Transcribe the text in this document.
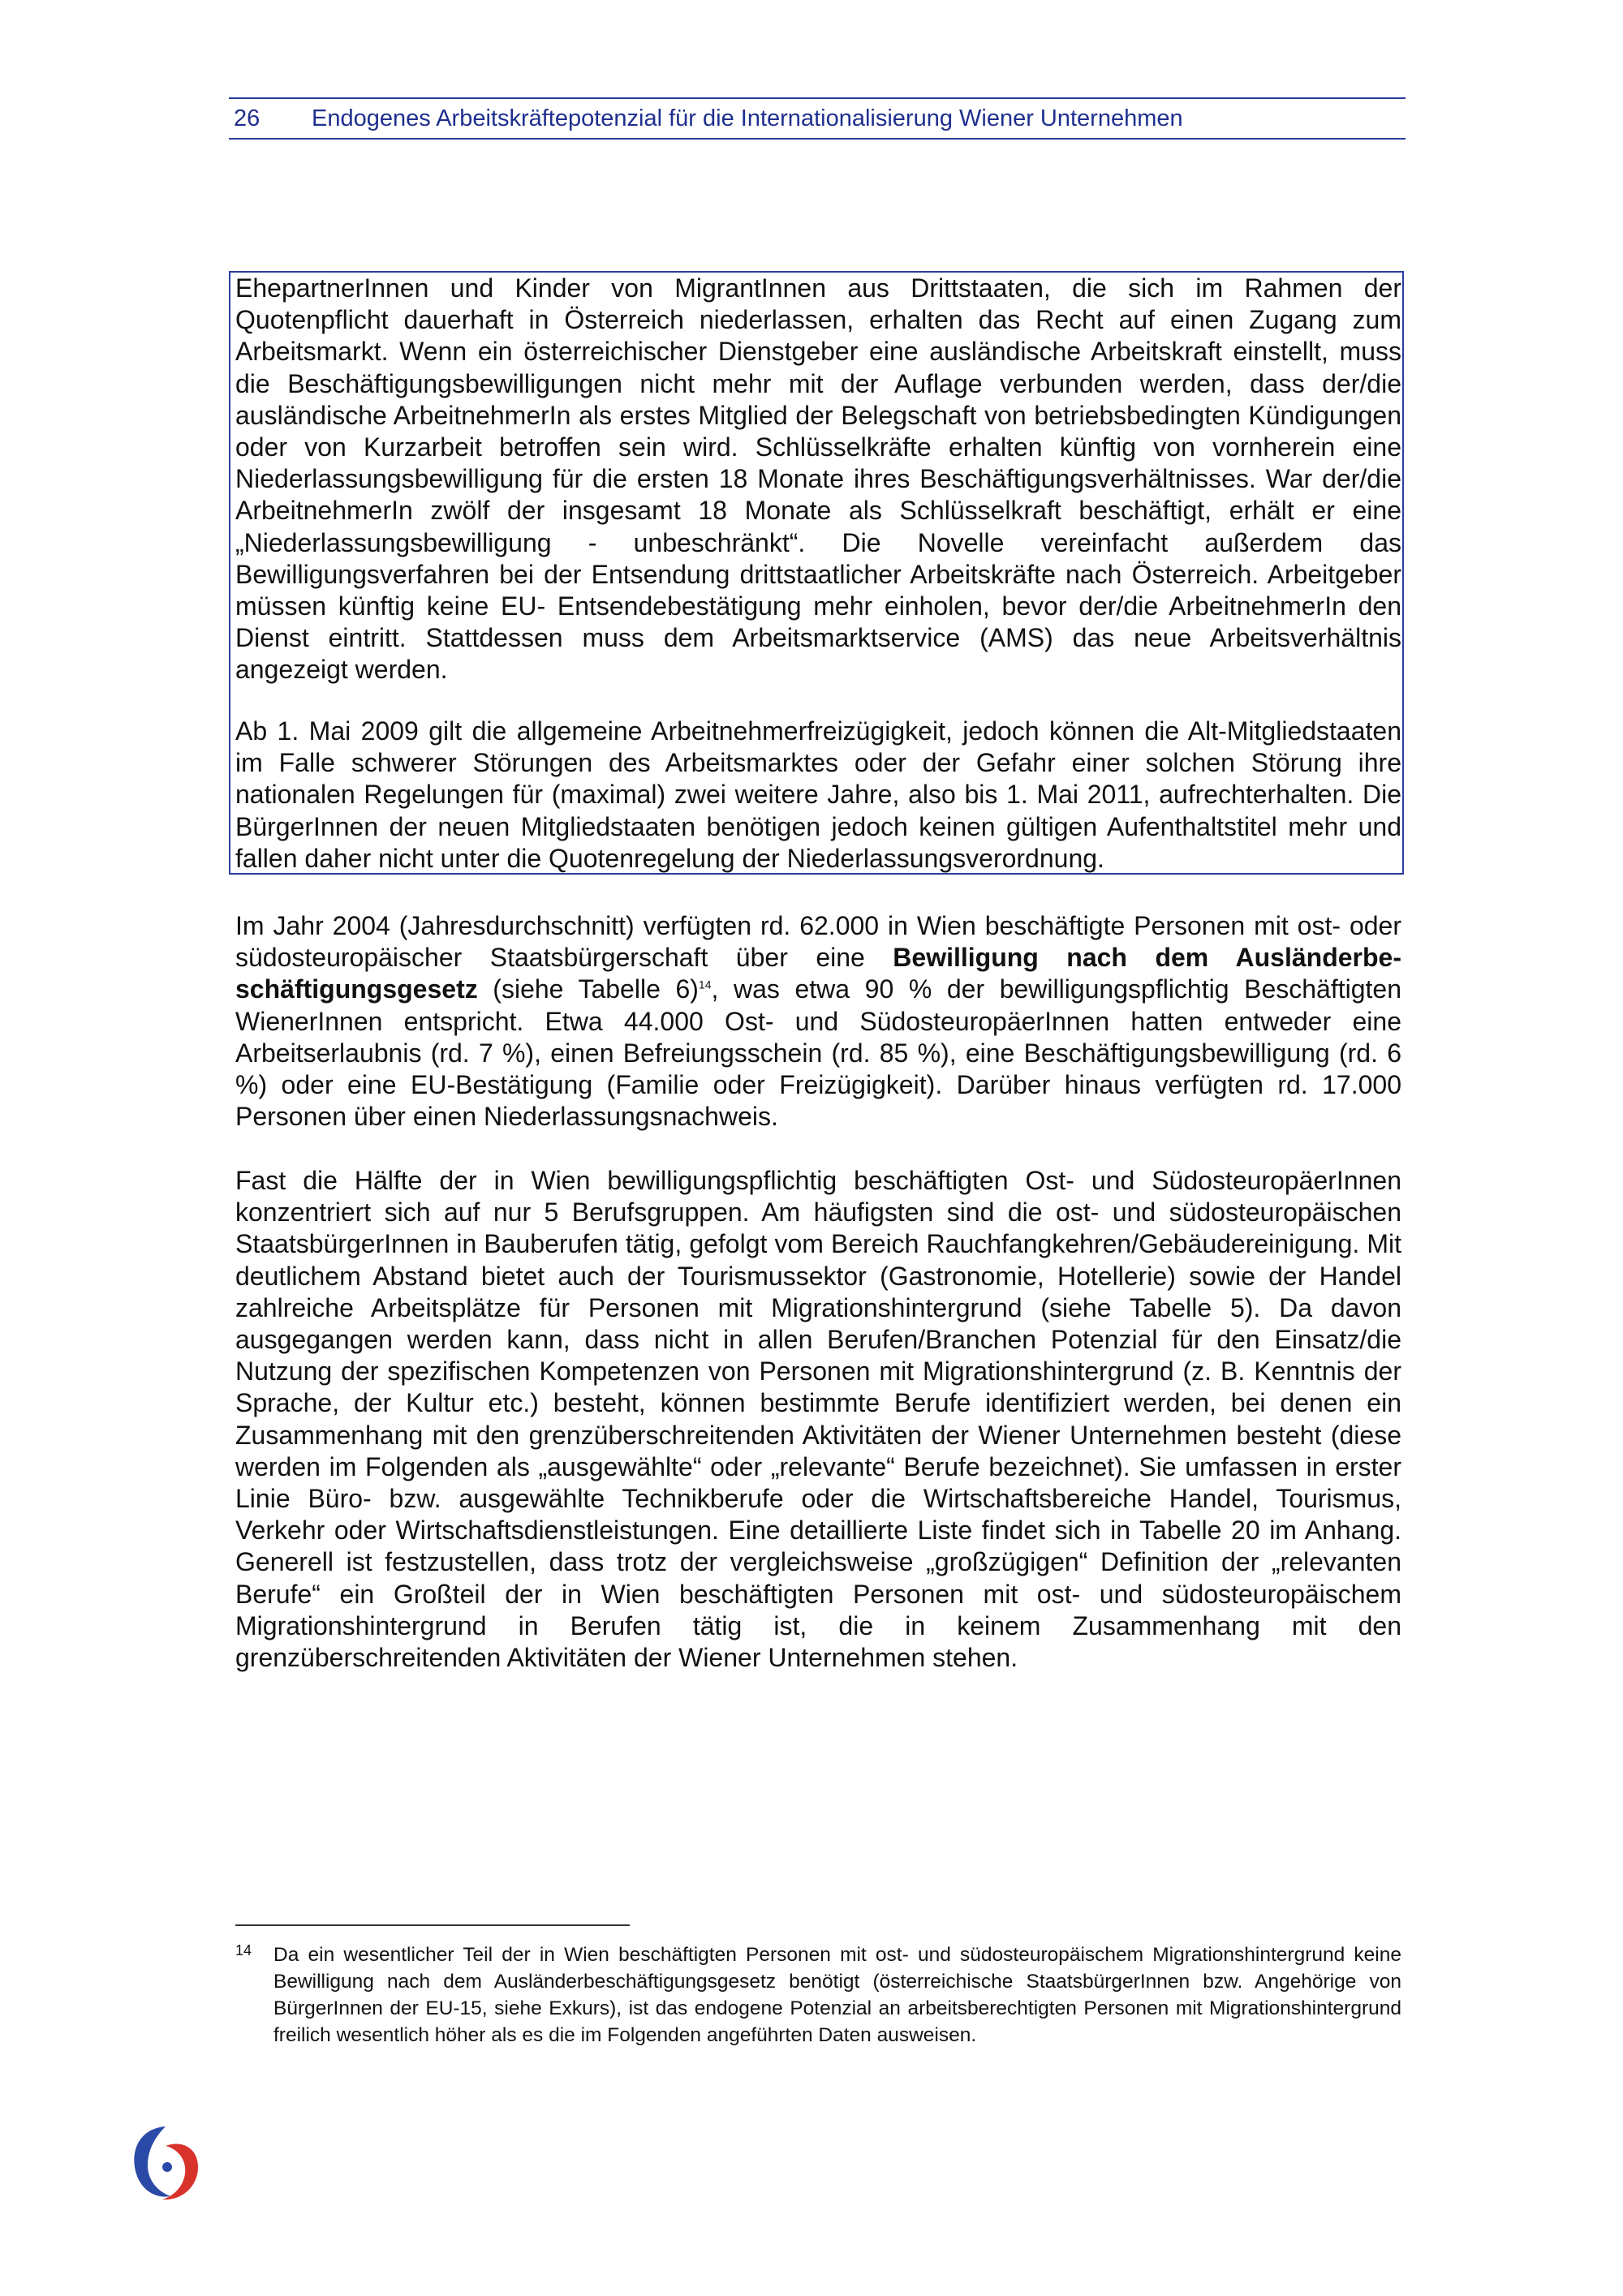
26 Endogenes Arbeitskräftepotenzial für die Internationalisierung Wiener Unternehmen

EhepartnerInnen und Kinder von MigrantInnen aus Drittstaaten, die sich im Rahmen der Quotenpflicht dauerhaft in Österreich niederlassen, erhalten das Recht auf einen Zugang zum Arbeitsmarkt. Wenn ein österreichischer Dienstgeber eine ausländische Arbeitskraft einstellt, muss die Beschäftigungsbewilligungen nicht mehr mit der Auflage verbunden werden, dass der/die ausländische ArbeitnehmerIn als erstes Mitglied der Belegschaft von betriebsbedingten Kündigungen oder von Kurzarbeit betroffen sein wird. Schlüsselkräfte erhalten künftig von vornherein eine Niederlassungsbewilligung für die ersten 18 Monate ihres Beschäftigungsverhältnisses. War der/die ArbeitnehmerIn zwölf der insgesamt 18 Monate als Schlüsselkraft beschäftigt, erhält er eine „Niederlassungsbewilligung - unbeschränkt“. Die Novelle vereinfacht außerdem das Bewilligungsverfahren bei der Entsendung drittstaatlicher Arbeitskräfte nach Österreich. Arbeitgeber müssen künftig keine EU- Entsendebestätigung mehr einholen, bevor der/die ArbeitnehmerIn den Dienst eintritt. Stattdessen muss dem Arbeitsmarktservice (AMS) das neue Arbeitsverhältnis angezeigt werden.

Ab 1. Mai 2009 gilt die allgemeine Arbeitnehmerfreizügigkeit, jedoch können die Alt-Mitgliedstaaten im Falle schwerer Störungen des Arbeitsmarktes oder der Gefahr einer solchen Störung ihre nationalen Regelungen für (maximal) zwei weitere Jahre, also bis 1. Mai 2011, aufrechterhalten. Die BürgerInnen der neuen Mitgliedstaaten benötigen jedoch keinen gültigen Aufenthaltstitel mehr und fallen daher nicht unter die Quotenregelung der Niederlassungsverordnung.

Im Jahr 2004 (Jahresdurchschnitt) verfügten rd. 62.000 in Wien beschäftigte Personen mit ost- oder südosteuropäischer Staatsbürgerschaft über eine Bewilligung nach dem Ausländerbeschäftigungsgesetz (siehe Tabelle 6)$^{14}$, was etwa 90 % der bewilligungspflichtig Beschäftigten WienerInnen entspricht. Etwa 44.000 Ost- und SüdosteuropäerInnen hatten entweder eine Arbeitserlaubnis (rd. 7 %), einen Befreiungsschein (rd. 85 %), eine Beschäftigungsbewilligung (rd. 6 %) oder eine EU-Bestätigung (Familie oder Freizügigkeit). Darüber hinaus verfügten rd. 17.000 Personen über einen Niederlassungsnachweis.

Fast die Hälfte der in Wien bewilligungspflichtig beschäftigten Ost- und SüdosteuropäerInnen konzentriert sich auf nur 5 Berufsgruppen. Am häufigsten sind die ost- und südosteuropäischen StaatsbürgerInnen in Bauberufen tätig, gefolgt vom Bereich Rauchfangkehren/Gebäudereinigung. Mit deutlichem Abstand bietet auch der Tourismussektor (Gastronomie, Hotellerie) sowie der Handel zahlreiche Arbeitsplätze für Personen mit Migrationshintergrund (siehe Tabelle 5). Da davon ausgegangen werden kann, dass nicht in allen Berufen/Branchen Potenzial für den Einsatz/die Nutzung der spezifischen Kompetenzen von Personen mit Migrationshintergrund (z. B. Kenntnis der Sprache, der Kultur etc.) besteht, können bestimmte Berufe identifiziert werden, bei denen ein Zusammenhang mit den grenzüberschreitenden Aktivitäten der Wiener Unternehmen besteht (diese werden im Folgenden als „ausgewählte“ oder „relevante“ Berufe bezeichnet). Sie umfassen in erster Linie Büro- bzw. ausgewählte Technikberufe oder die Wirtschaftsbereiche Handel, Tourismus, Verkehr oder Wirtschaftsdienstleistungen. Eine detaillierte Liste findet sich in Tabelle 20 im Anhang. Generell ist festzustellen, dass trotz der vergleichsweise „großzügigen“ Definition der „relevanten Berufe“ ein Großteil der in Wien beschäftigten Personen mit ost- und südosteuropäischem Migrationshintergrund in Berufen tätig ist, die in keinem Zusammenhang mit den grenzüberschreitenden Aktivitäten der Wiener Unternehmen stehen.

14 Da ein wesentlicher Teil der in Wien beschäftigten Personen mit ost- und südosteuropäischem Migrationshintergrund keine Bewilligung nach dem Ausländerbeschäftigungsgesetz benötigt (österreichische StaatsbürgerInnen bzw. Angehörige von BürgerInnen der EU-15, siehe Exkurs), ist das endogene Potenzial an arbeitsberechtigten Personen mit Migrationshintergrund freilich wesentlich höher als es die im Folgenden angeführten Daten ausweisen.
